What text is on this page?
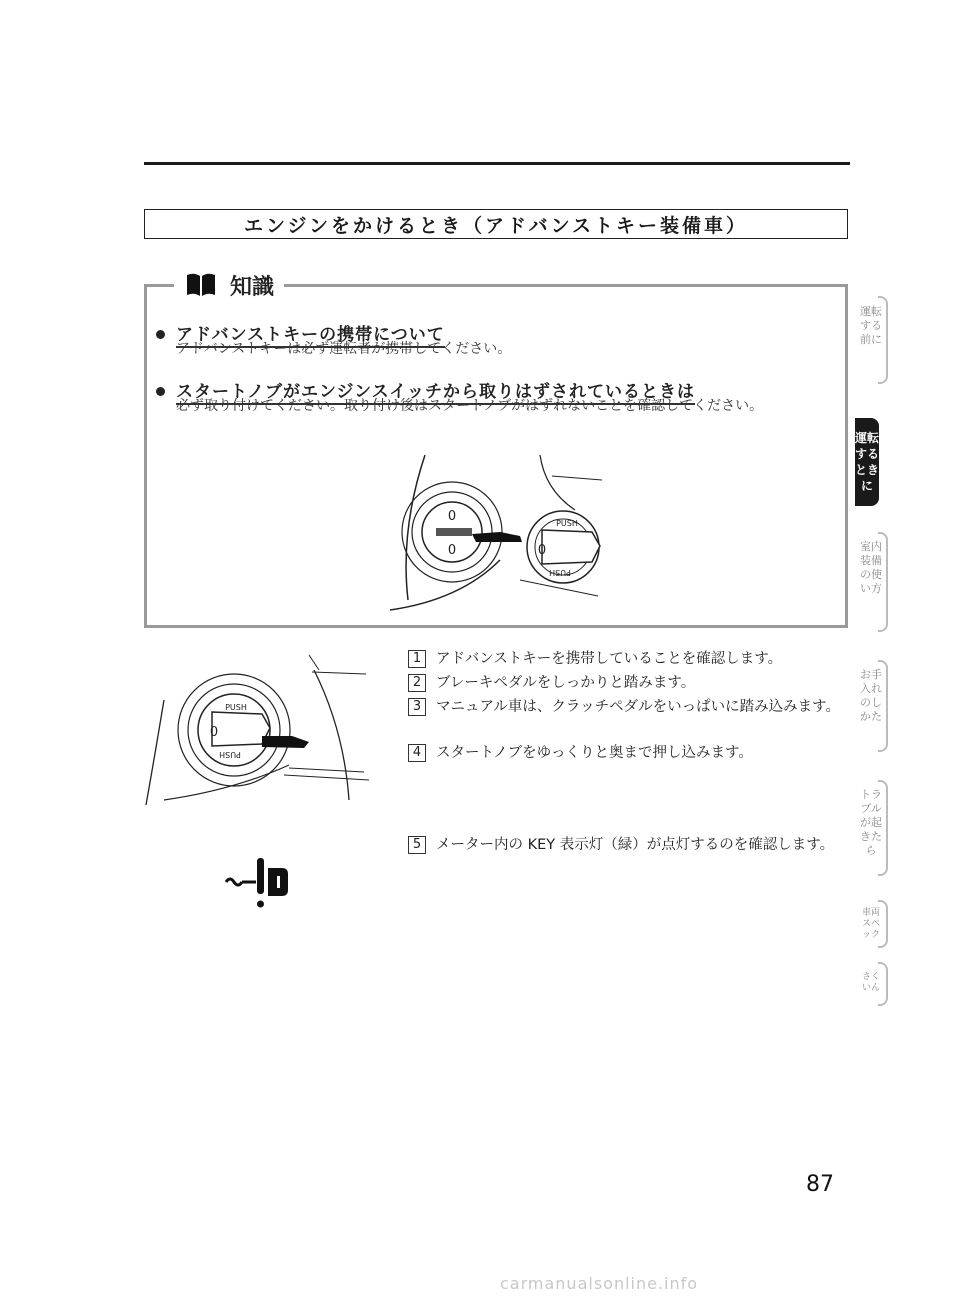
エンジンをかけるとき（アドバンストキー装備車）
知識
アドバンストキーの携帯について
アドバンストキーは必ず運転者が携帯してください。
スタートノブがエンジンスイッチから取りはずされているときは
必ず取り付けてください。取り付け後はスタートノブがはずれないことを確認してください。
0
0
PUSH
PUSH
0
PUSH
PUSH
0
1	アドバンストキーを携帯していることを確認します。
2	ブレーキペダルをしっかりと踏みます。
3	マニュアル車は、クラッチペダルをいっぱいに踏み込みます。
4	スタートノブをゆっくりと奥まで押し込みます。
5	メーター内の KEY 表示灯（緑）が点灯するのを確認します。
運転する前に
運転するときに
室内装備の使い方
お手入れのしかた
トラブルが起きたら
車両スペック
さくいん
87
carmanualsonline.info
